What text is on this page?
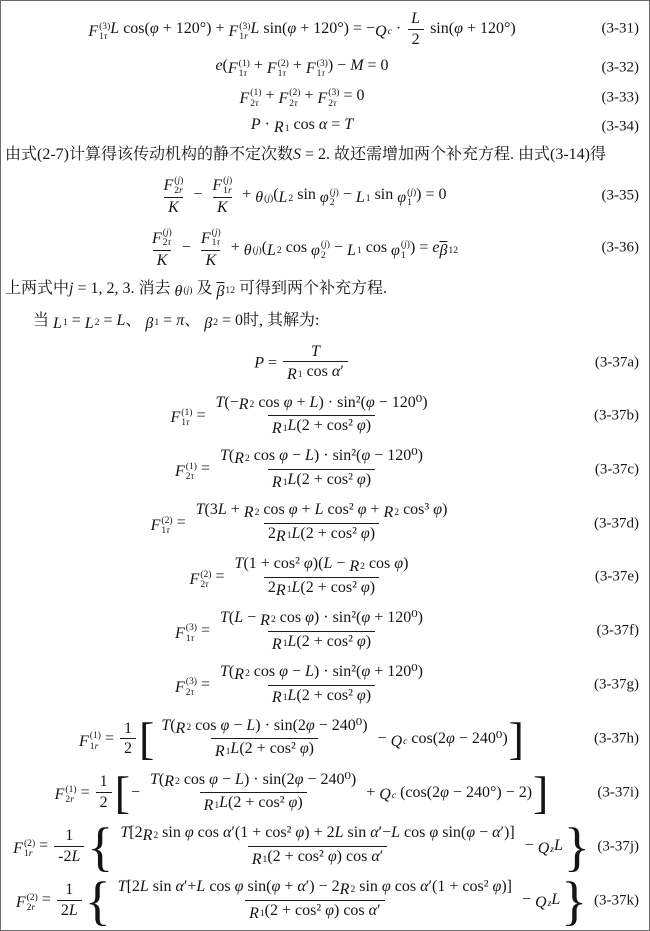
F (3)
1τ L cos(φ + 120°) + F (3)
1r L sin(φ + 120°) = − Q $c \cdot \frac{L}{2} \sin(\varphi + 120^\circ)$	(3-31)
e( F (1)
1τ + F (2)
1τ + F (3)
1τ ) − M = 0	(3-32)
F (1)
2τ + F (2)
2τ + F (3)
2τ = 0	(3-33)
P · R 1 cos α = T	(3-34)
由式(2-7)计算得该传动机构的静不定次数S = 2. 故还需增加两个补充方程. 由式(3-14)得
F (j)
2r
K − F (j)
1r
K + θ (j) ( L 2 sin φ (j)
2 − L 1 sin φ (j)
1 ) = 0	(3-35)
F (j)
2τ
K − F (j)
1τ
K + θ (j) ( L 2 cos φ (j)
2 − L 1 cos φ (j)
1 ) = e $\overline{\beta}$ 12	(3-36)
上两式中j = 1, 2, 3. 消去 θ (j) 及 $\overline{\beta}$ 12 可得到两个补充方程.
当 L 1 = L 2 = L、 β 1 = π、 β 2 = 0时, 其解为:
$P = \frac{T}{\text{R 1 cos α′}}$	(3-37a)
F (1)
$1\tau = \frac{\text{T(− R 2 cos φ + L) · sin²(φ − 120⁰)}}{\text{R 1 L(2 + cos² φ)}}$	(3-37b)
F (1)
$2\tau = \frac{\text{T( R 2 cos φ − L) · sin²(φ − 120⁰)}}{\text{R 1 L(2 + cos² φ)}}$	(3-37c)
F (2)
$1\tau = \frac{\text{T(3L + R 2 cos φ + L cos² φ + R 2 cos³ φ)}}{\text{2 R 1 L(2 + cos² φ)}}$	(3-37d)
F (2)
$2\tau = \frac{\text{T(1 + cos² φ)(L − R 2 cos φ)}}{\text{2 R 1 L(2 + cos² φ)}}$	(3-37e)
F (3)
$1\tau = \frac{\text{T(L − R 2 cos φ) · sin²(φ + 120⁰)}}{\text{R 1 L(2 + cos² φ)}}$	(3-37f)
F (3)
$2\tau = \frac{\text{T( R 2 cos φ − L) · sin²(φ + 120⁰)}}{\text{R 1 L(2 + cos² φ)}}$	(3-37g)
F (1)
$1r = \frac{1}{2}$ [ $\frac{\text{T( R 2 cos φ − L) · sin(2φ − 240⁰)}}{\text{R 1 L(2 + cos² φ)}} - Q$ c cos(2φ − 240⁰)]	(3-37h)
F (1)
$2r = \frac{1}{2}$ [− $\frac{\text{T( R 2 cos φ − L) · sin(2φ − 240⁰)}}{\text{R 1 L(2 + cos² φ)}} + Q$ c (cos(2φ − 240°) − 2)]	(3-37i)
F (2)
$1r = \frac{1}{-2L}$ { T[2 R 2 sin φ cos α′(1 + cos² φ) + 2L sin α′−L cos φ sin(φ − α′)]
R 1 (2 + cos² φ) cos α′
− Q z L} (3-37j)
F (2)
$2r = \frac{1}{2L}$ { T[2L sin α′+L cos φ sin(φ + α′) − 2 R 2 sin φ cos α′(1 + cos² φ)]
R 1 (2 + cos² φ) cos α′
− Q z L} (3-37k)
